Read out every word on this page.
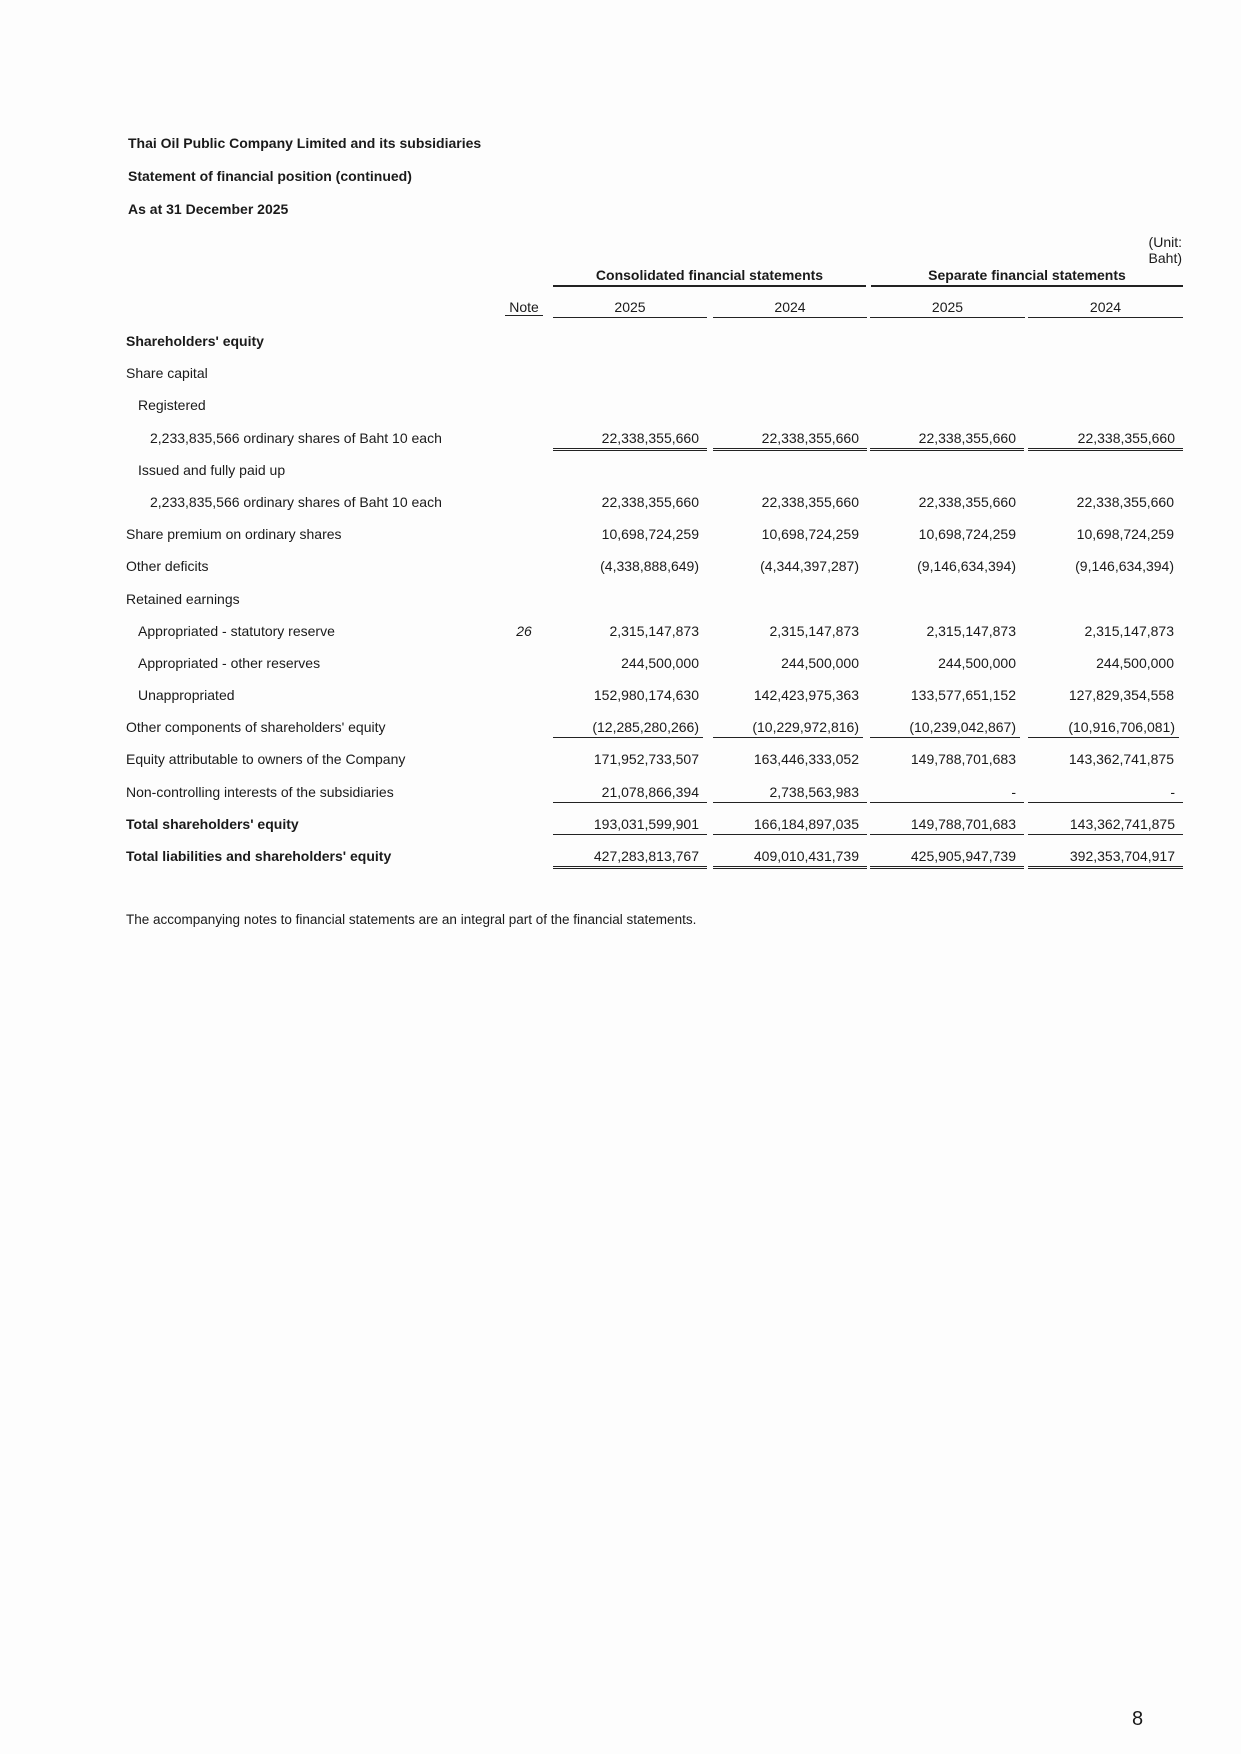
Thai Oil Public Company Limited and its subsidiaries
Statement of financial position (continued)
As at 31 December 2025
(Unit: Baht)
Consolidated financial statements	Separate financial statements
Note	2025	2024	2025	2024
Shareholders' equity
Share capital
Registered
2,233,835,566 ordinary shares of Baht 10 each	22,338,355,660	22,338,355,660	22,338,355,660	22,338,355,660
Issued and fully paid up
2,233,835,566 ordinary shares of Baht 10 each	22,338,355,660	22,338,355,660	22,338,355,660	22,338,355,660
Share premium on ordinary shares	10,698,724,259	10,698,724,259	10,698,724,259	10,698,724,259
Other deficits	(4,338,888,649)	(4,344,397,287)	(9,146,634,394)	(9,146,634,394)
Retained earnings
Appropriated - statutory reserve	26	2,315,147,873	2,315,147,873	2,315,147,873	2,315,147,873
Appropriated - other reserves	244,500,000	244,500,000	244,500,000	244,500,000
Unappropriated	152,980,174,630	142,423,975,363	133,577,651,152	127,829,354,558
Other components of shareholders' equity	(12,285,280,266)	(10,229,972,816)	(10,239,042,867)	(10,916,706,081)
Equity attributable to owners of the Company	171,952,733,507	163,446,333,052	149,788,701,683	143,362,741,875
Non-controlling interests of the subsidiaries	21,078,866,394	2,738,563,983	-	-
Total shareholders' equity	193,031,599,901	166,184,897,035	149,788,701,683	143,362,741,875
Total liabilities and shareholders' equity	427,283,813,767	409,010,431,739	425,905,947,739	392,353,704,917
The accompanying notes to financial statements are an integral part of the financial statements.
8
